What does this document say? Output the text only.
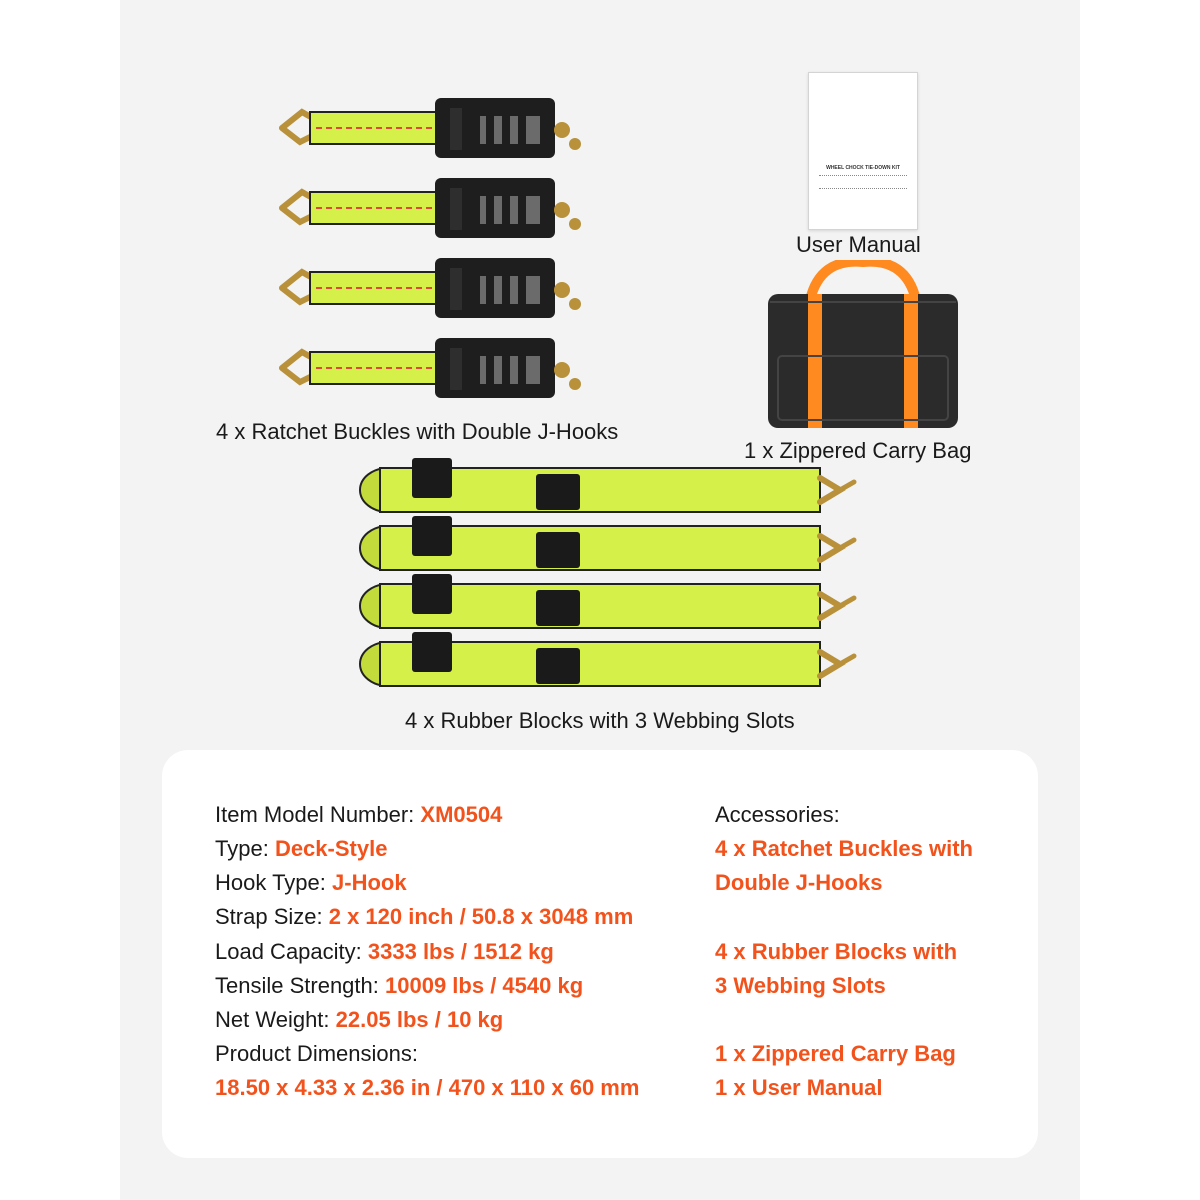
4 x Ratchet Buckles with Double J-Hooks
WHEEL CHOCK TIE-DOWN KIT
User Manual
1 x Zippered Carry Bag
4 x Rubber Blocks with 3 Webbing Slots
Item Model Number: XM0504
Type: Deck-Style
Hook Type: J-Hook
Strap Size: 2 x 120 inch / 50.8 x 3048 mm
Load Capacity: 3333 lbs / 1512 kg
Tensile Strength: 10009 lbs / 4540 kg
Net Weight: 22.05 lbs / 10 kg
Product Dimensions:
18.50 x 4.33 x 2.36 in / 470 x 110 x 60 mm
Accessories:
4 x Ratchet Buckles with
Double J-Hooks
4 x Rubber Blocks with
3 Webbing Slots
1 x Zippered Carry Bag
1 x User Manual
